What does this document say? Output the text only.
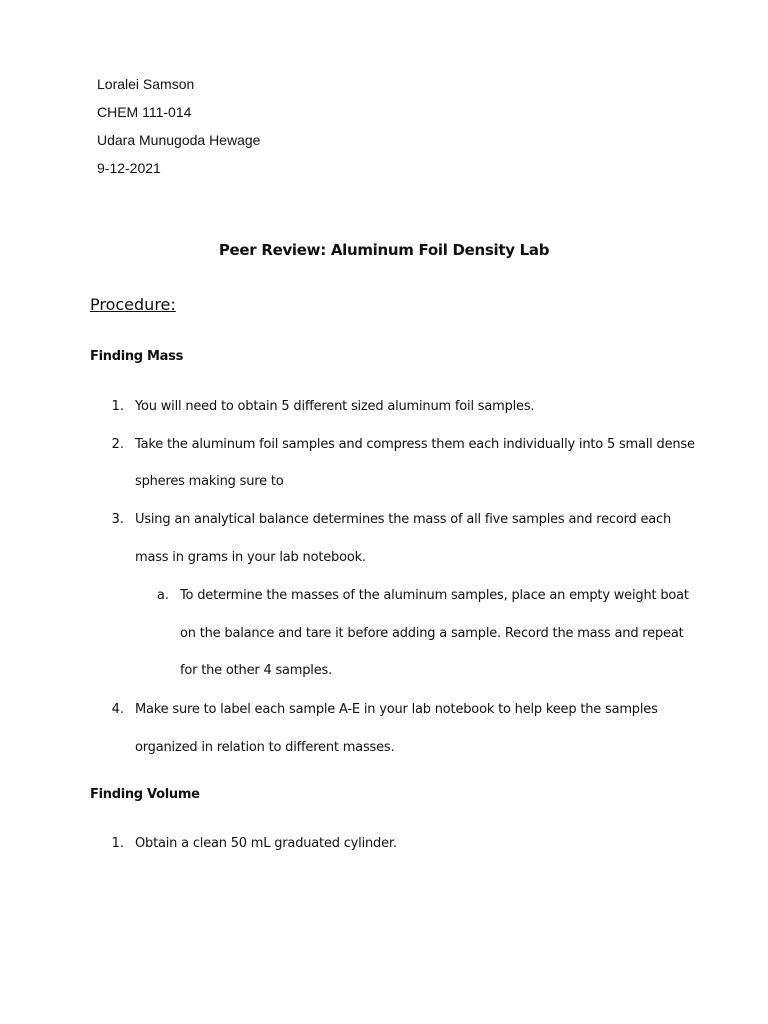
Loralei Samson
CHEM 111-014
Udara Munugoda Hewage
9-12-2021
Peer Review: Aluminum Foil Density Lab
Procedure:
Finding Mass
1. You will need to obtain 5 different sized aluminum foil samples.
2. Take the aluminum foil samples and compress them each individually into 5 small dense
spheres making sure to
3. Using an analytical balance determines the mass of all five samples and record each
mass in grams in your lab notebook.
a. To determine the masses of the aluminum samples, place an empty weight boat
on the balance and tare it before adding a sample. Record the mass and repeat
for the other 4 samples.
4. Make sure to label each sample A-E in your lab notebook to help keep the samples
organized in relation to different masses.
Finding Volume
1. Obtain a clean 50 mL graduated cylinder.
